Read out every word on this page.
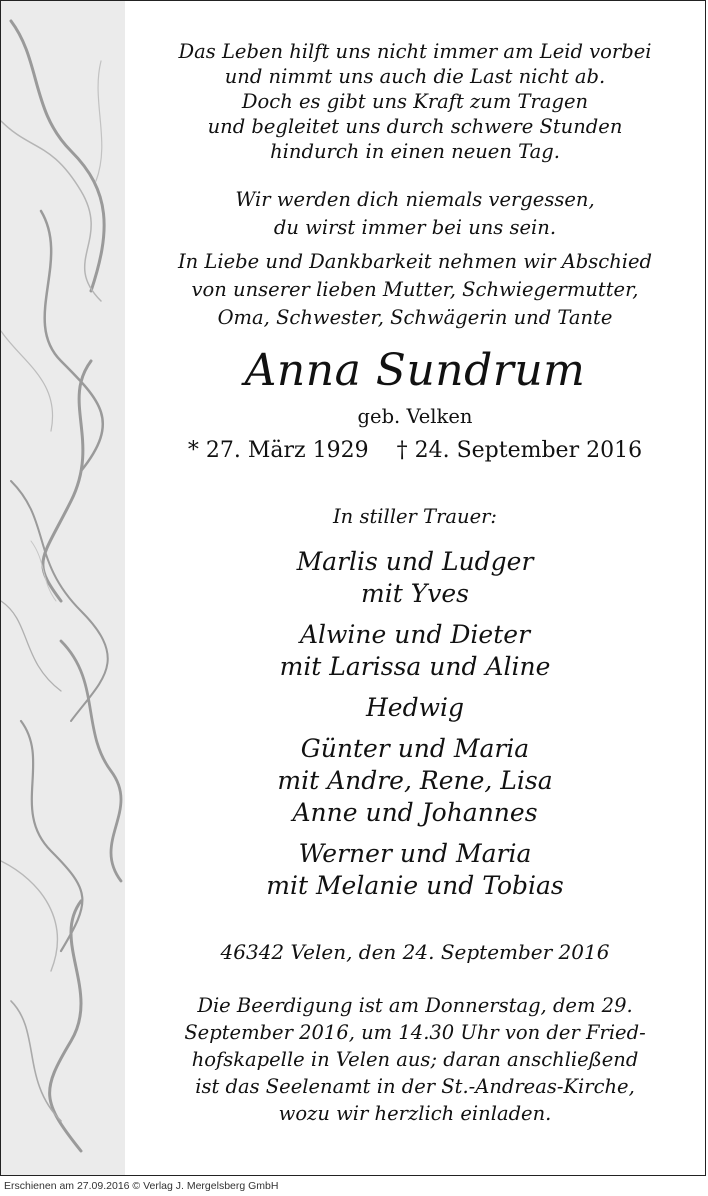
Das Leben hilft uns nicht immer am Leid vorbei
und nimmt uns auch die Last nicht ab.
Doch es gibt uns Kraft zum Tragen
und begleitet uns durch schwere Stunden
hindurch in einen neuen Tag.
Wir werden dich niemals vergessen,
du wirst immer bei uns sein.
In Liebe und Dankbarkeit nehmen wir Abschied
von unserer lieben Mutter, Schwiegermutter,
Oma, Schwester, Schwägerin und Tante
Anna Sundrum
geb. Velken
* 27. März 1929 † 24. September 2016
In stiller Trauer:
Marlis und Ludger
mit Yves
Alwine und Dieter
mit Larissa und Aline
Hedwig
Günter und Maria
mit Andre, Rene, Lisa
Anne und Johannes
Werner und Maria
mit Melanie und Tobias
46342 Velen, den 24. September 2016
Die Beerdigung ist am Donnerstag, dem 29.
September 2016, um 14.30 Uhr von der Fried-
hofskapelle in Velen aus; daran anschließend
ist das Seelenamt in der St.-Andreas-Kirche,
wozu wir herzlich einladen.
Erschienen am 27.09.2016 © Verlag J. Mergelsberg GmbH
